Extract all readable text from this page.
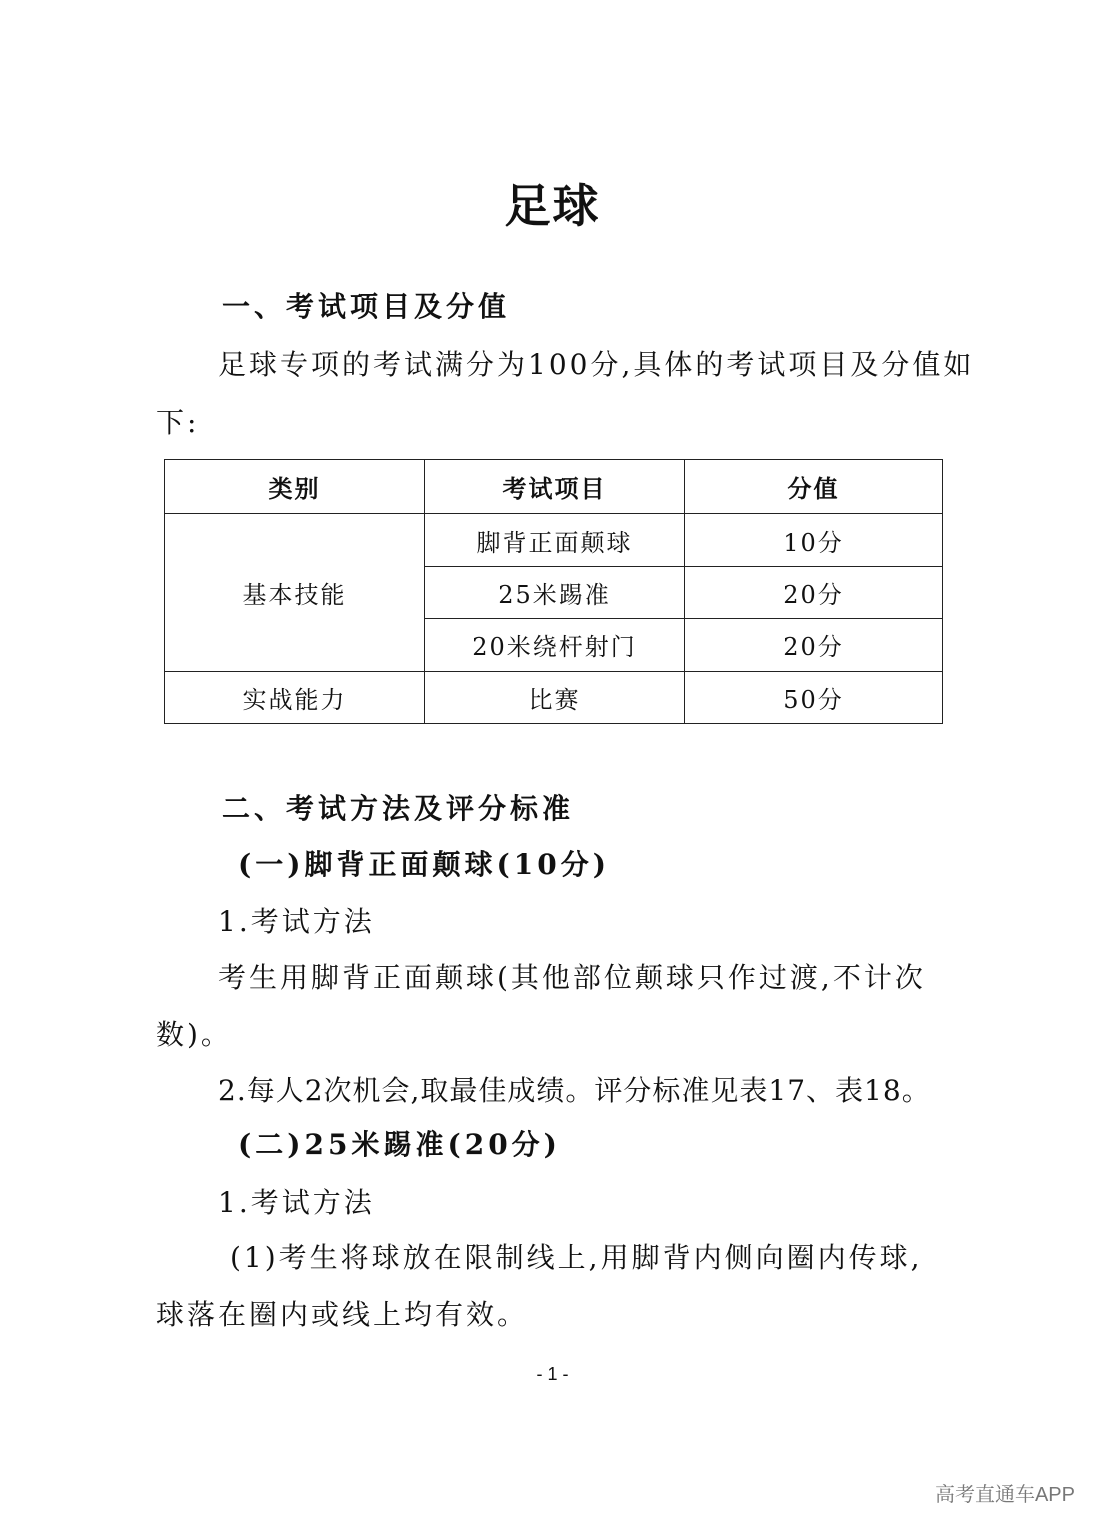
足球
一、考试项目及分值
足球专项的考试满分为100分,具体的考试项目及分值如
下:
类别	考试项目	分值
基本技能	脚背正面颠球	10分
	25米踢准	20分
	20米绕杆射门	20分
实战能力	比赛	50分
二、考试方法及评分标准
(一)脚背正面颠球(10分)
1.考试方法
考生用脚背正面颠球(其他部位颠球只作过渡,不计次
数)。
2.每人2次机会,取最佳成绩。评分标准见表17、表18。
(二)25米踢准(20分)
1.考试方法
(1)考生将球放在限制线上,用脚背内侧向圈内传球,
球落在圈内或线上均有效。
- 1 -
高考直通车APP
